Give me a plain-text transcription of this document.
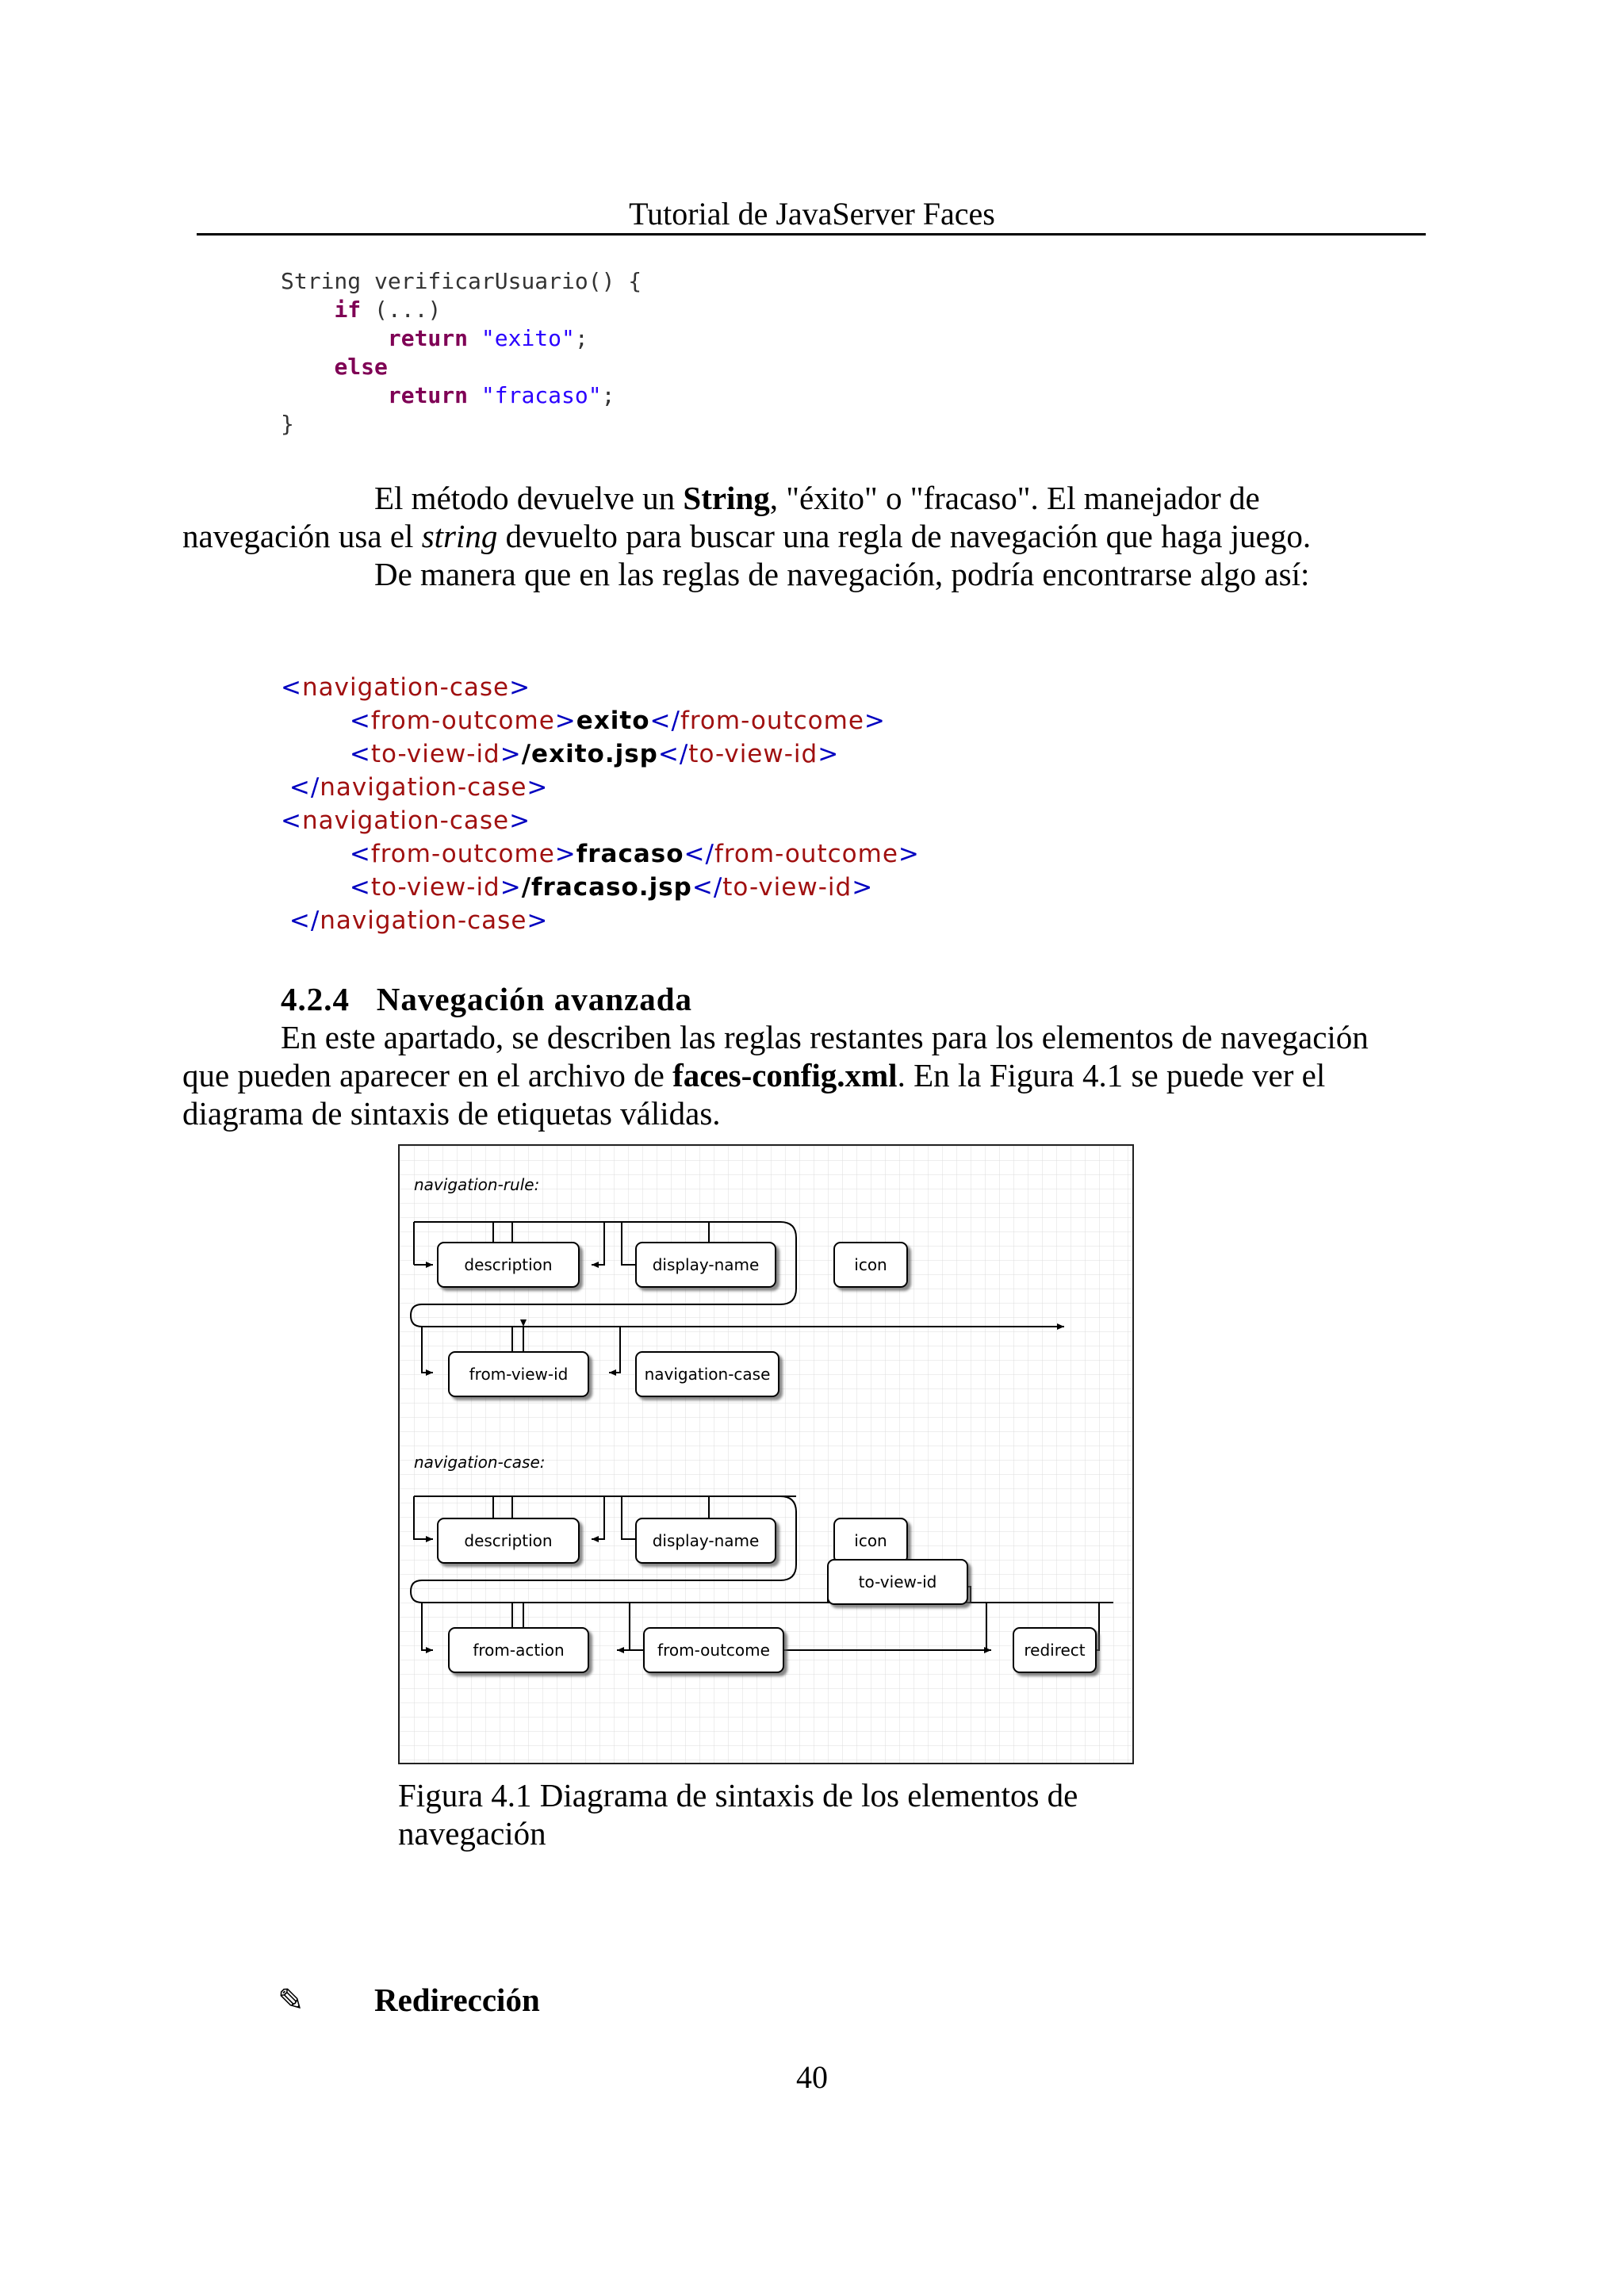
Tutorial de JavaServer Faces
String verificarUsuario() {
if (...)
return "exito";
else
return "fracaso";
}
El método devuelve un String, "éxito" o "fracaso". El manejador de
navegación usa el string devuelto para buscar una regla de navegación que haga juego.
De manera que en las reglas de navegación, podría encontrarse algo así:
<navigation-case>
<from-outcome>exito</from-outcome>
<to-view-id>/exito.jsp</to-view-id>
</navigation-case>
<navigation-case>
<from-outcome>fracaso</from-outcome>
<to-view-id>/fracaso.jsp</to-view-id>
</navigation-case>
4.2.4 Navegación avanzada
En este apartado, se describen las reglas restantes para los elementos de navegación
que pueden aparecer en el archivo de faces-config.xml. En la Figura 4.1 se puede ver el
diagrama de sintaxis de etiquetas válidas.
navigation-rule:
navigation-case:
description	display-name	icon
from-view-id	navigation-case
description	display-name	icon
to-view-id
from-action	from-outcome	redirect
Figura 4.1 Diagrama de sintaxis de los elementos de
navegación
✎ Redirección
40
